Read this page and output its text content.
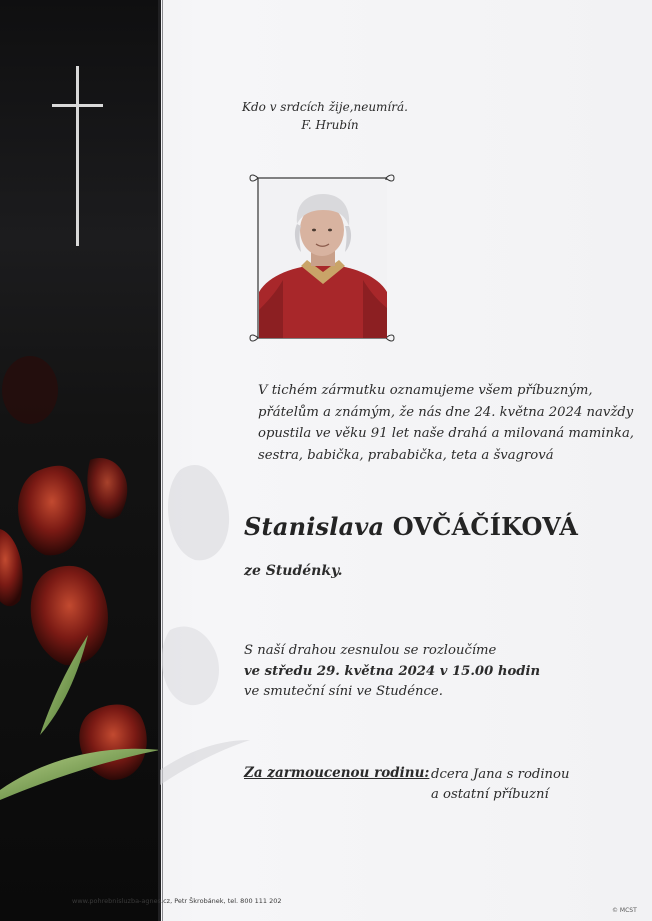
Kdo v srdcích žije,neumírá.
F. Hrubín
V tichém zármutku oznamujeme všem příbuzným,
přátelům a známým, že nás dne 24. května 2024 navždy
opustila ve věku 91 let naše drahá a milovaná maminka,
sestra, babička, prababička, teta a švagrová
Stanislava OVČÁČÍKOVÁ
ze Studénky.
S naší drahou zesnulou se rozloučíme
ve středu 29. května 2024 v 15.00 hodin
ve smuteční síni ve Studénce.
Za zarmoucenou rodinu: dcera Jana s rodinou
a ostatní příbuzní
www.pohrebnisluzba-agnes.cz, Petr Škrobánek, tel. 800 111 202
© MCST
